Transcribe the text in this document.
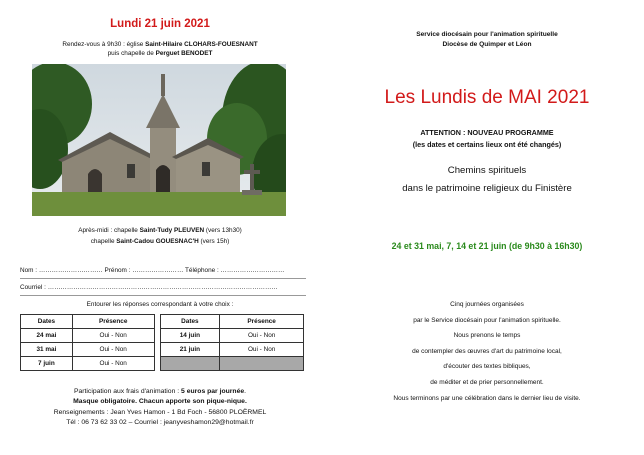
Lundi 21 juin 2021
Rendez-vous à 9h30 : église Saint-Hilaire CLOHARS-FOUESNANT
puis chapelle de Perguet BENODET
Après-midi : chapelle Saint-Tudy PLEUVEN (vers 13h30)
chapelle Saint-Cadou GOUESNAC'H (vers 15h)
Nom : ………………………… Prénom : …………………… Téléphone : …………………………
Courriel : ………………………………………………………………………………………………
Entourer les réponses correspondant à votre choix :
Dates	Présence		Dates	Présence
24 mai	Oui - Non		14 juin	Oui - Non
31 mai	Oui - Non		21 juin	Oui - Non
7 juin	Oui - Non			
Participation aux frais d'animation : 5 euros par journée.
Masque obligatoire. Chacun apporte son pique-nique.
Renseignements : Jean Yves Hamon - 1 Bd Foch - 56800 PLOËRMEL
Tél : 06 73 62 33 02 – Courriel : jeanyveshamon29@hotmail.fr
Service diocésain pour l'animation spirituelle
Diocèse de Quimper et Léon
Les Lundis de MAI 2021
ATTENTION : NOUVEAU PROGRAMME
(les dates et certains lieux ont été changés)
Chemins spirituels
dans le patrimoine religieux du Finistère
24 et 31 mai, 7, 14 et 21 juin (de 9h30 à 16h30)
Cinq journées organisées
par le Service diocésain pour l'animation spirituelle.
Nous prenons le temps
de contempler des œuvres d'art du patrimoine local,
d'écouter des textes bibliques,
de méditer et de prier personnellement.
Nous terminons par une célébration dans le dernier lieu de visite.
